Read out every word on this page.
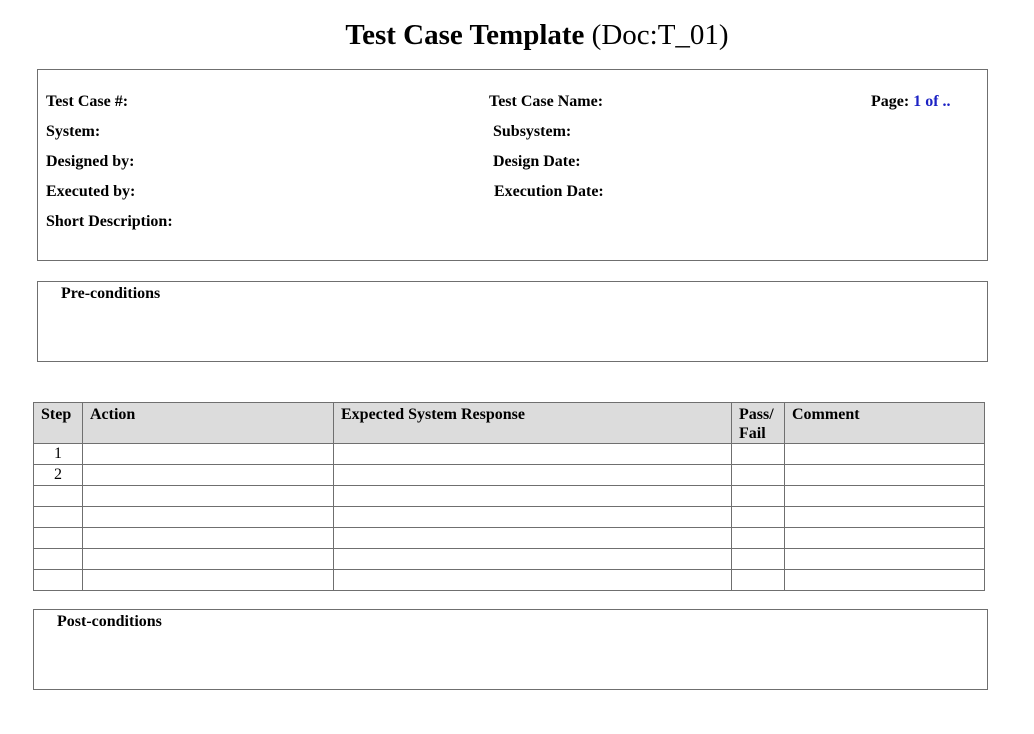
Test Case Template (Doc:T_01)
Test Case #:	Test Case Name:	Page: 1 of ..
System:	Subsystem:
Designed by:	Design Date:
Executed by:	Execution Date:
Short Description:
Pre-conditions
Step	Action	Expected System Response	Pass/ Fail	Comment
1				
2				

Post-conditions
